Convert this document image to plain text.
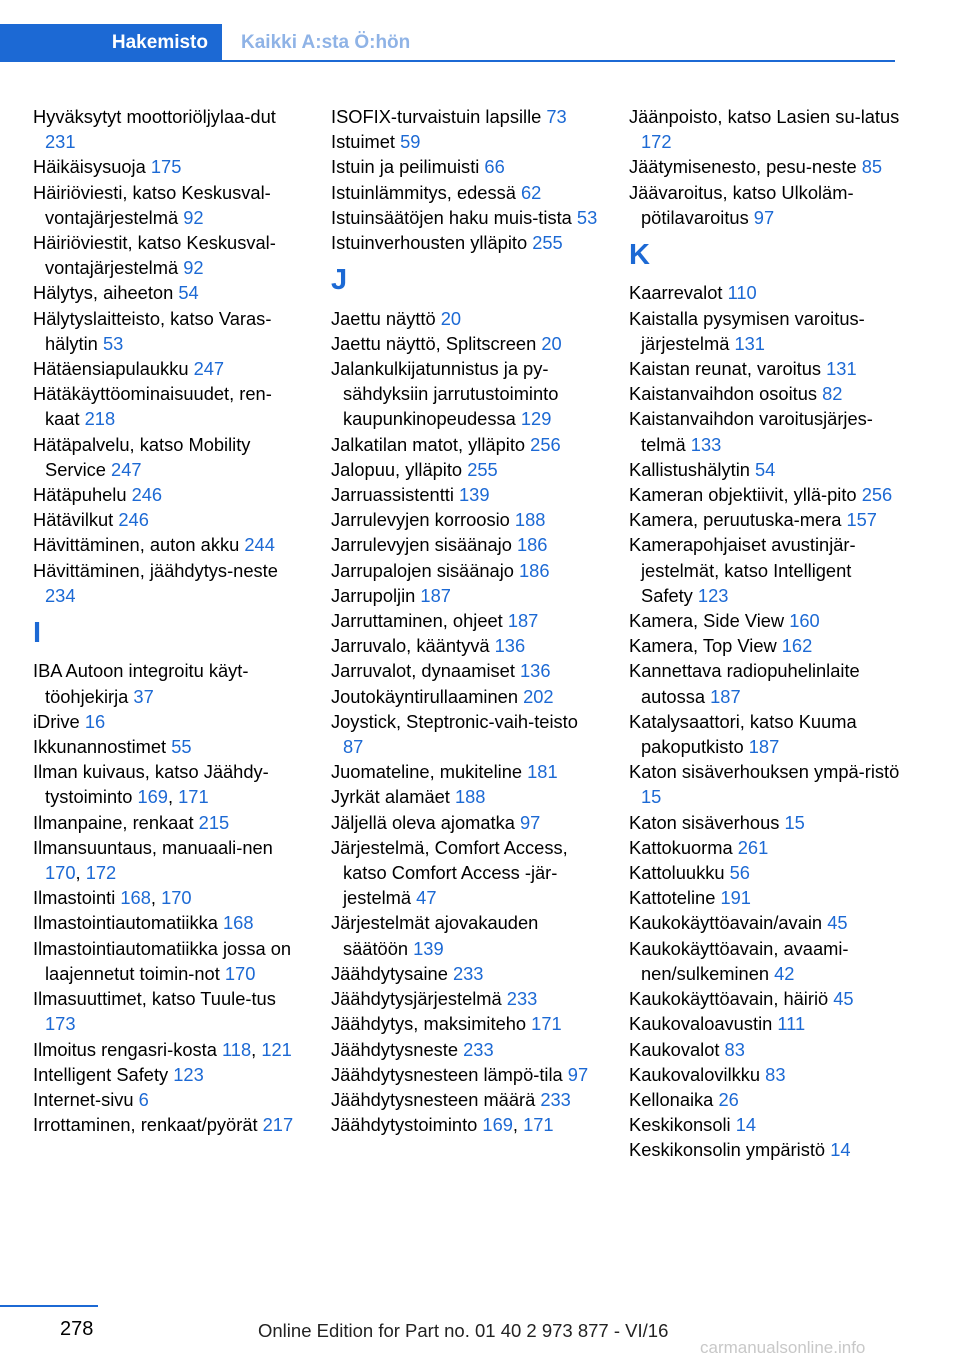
Hakemisto	Kaikki A:sta Ö:hön
Hyväksytyt moottoriöljylaa‐dut 231
Häikäisysuoja 175
Häiriöviesti, katso Keskusval‐vontajärjestelmä 92
Häiriöviestit, katso Keskusval‐vontajärjestelmä 92
Hälytys, aiheeton 54
Hälytyslaitteisto, katso Varas‐hälytin 53
Hätäensiapulaukku 247
Hätäkäyttöominaisuudet, ren‐kaat 218
Hätäpalvelu, katso Mobility Service 247
Hätäpuhelu 246
Hätävilkut 246
Hävittäminen, auton akku 244
Hävittäminen, jäähdytys‐neste 234
I
IBA Autoon integroitu käyt‐töohjekirja 37
iDrive 16
Ikkunannostimet 55
Ilman kuivaus, katso Jäähdy‐tystoiminto 169, 171
Ilmanpaine, renkaat 215
Ilmansuuntaus, manuaali‐nen 170, 172
Ilmastointi 168, 170
Ilmastointiautomatiikka 168
Ilmastointiautomatiikka jossa on laajennetut toimin‐not 170
Ilmasuuttimet, katso Tuule‐tus 173
Ilmoitus rengasri‐kosta 118, 121
Intelligent Safety 123
Internet-sivu 6
Irrottaminen, renkaat/pyörät 217
ISOFIX-turvaistuin lapsille 73
Istuimet 59
Istuin ja peilimuisti 66
Istuinlämmitys, edessä 62
Istuinsäätöjen haku muis‐tista 53
Istuinverhousten ylläpito 255
J
Jaettu näyttö 20
Jaettu näyttö, Splitscreen 20
Jalankulkijatunnistus ja py‐sähdyksiin jarrutustoiminto kaupunkinopeudessa 129
Jalkatilan matot, ylläpito 256
Jalopuu, ylläpito 255
Jarruassistentti 139
Jarrulevyjen korroosio 188
Jarrulevyjen sisäänajo 186
Jarrupalojen sisäänajo 186
Jarrupoljin 187
Jarruttaminen, ohjeet 187
Jarruvalo, kääntyvä 136
Jarruvalot, dynaamiset 136
Joutokäyntirullaaminen 202
Joystick, Steptronic-vaih‐teisto 87
Juomateline, mukiteline 181
Jyrkät alamäet 188
Jäljellä oleva ajomatka 97
Järjestelmä, Comfort Access, katso Comfort Access -jär‐jestelmä 47
Järjestelmät ajovakauden säätöön 139
Jäähdytysaine 233
Jäähdytysjärjestelmä 233
Jäähdytys, maksimiteho 171
Jäähdytysneste 233
Jäähdytysnesteen lämpö‐tila 97
Jäähdytysnesteen määrä 233
Jäähdytystoiminto 169, 171
Jäänpoisto, katso Lasien su‐latus 172
Jäätymisenesto, pesu‐neste 85
Jäävaroitus, katso Ulkoläm‐pötilavaroitus 97
K
Kaarrevalot 110
Kaistalla pysymisen varoitus‐järjestelmä 131
Kaistan reunat, varoitus 131
Kaistanvaihdon osoitus 82
Kaistanvaihdon varoitusjärjes‐telmä 133
Kallistushälytin 54
Kameran objektiivit, yllä‐pito 256
Kamera, peruutuska‐mera 157
Kamerapohjaiset avustinjär‐jestelmät, katso Intelligent Safety 123
Kamera, Side View 160
Kamera, Top View 162
Kannettava radiopuhelinlaite autossa 187
Katalysaattori, katso Kuuma pakoputkisto 187
Katon sisäverhouksen ympä‐ristö 15
Katon sisäverhous 15
Kattokuorma 261
Kattoluukku 56
Kattoteline 191
Kaukokäyttöavain/avain 45
Kaukokäyttöavain, avaami‐nen/sulkeminen 42
Kaukokäyttöavain, häiriö 45
Kaukovaloavustin 111
Kaukovalot 83
Kaukovalovilkku 83
Kellonaika 26
Keskikonsoli 14
Keskikonsolin ympäristö 14
278	Online Edition for Part no. 01 40 2 973 877 - VI/16
carmanualsonline.info
